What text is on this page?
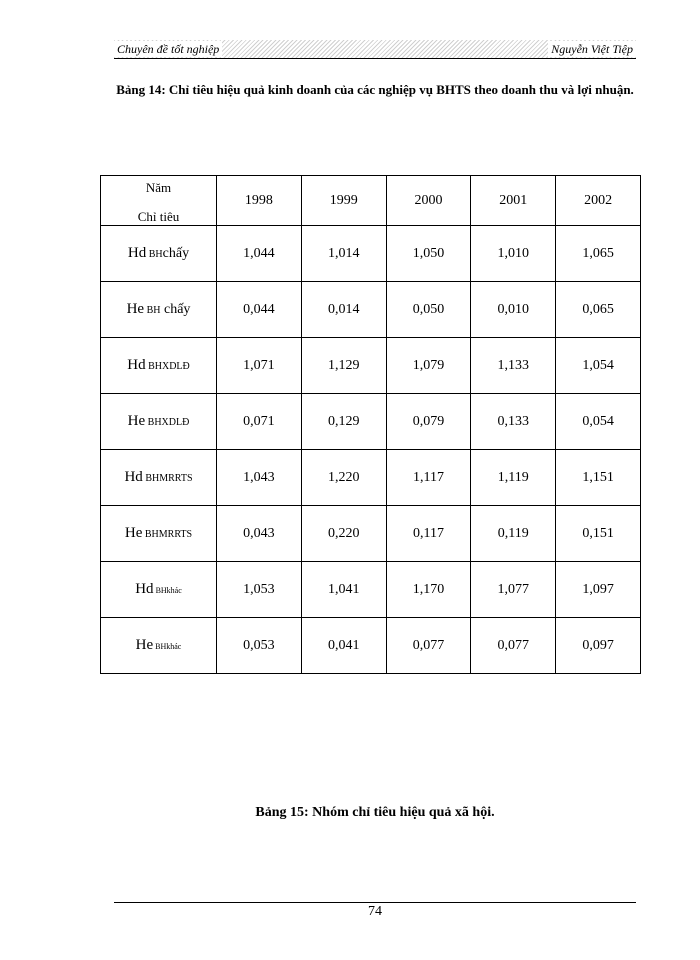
Chuyên đề tốt nghiệp	Nguyễn Việt Tiệp
Bảng 14: Chỉ tiêu hiệu quả kinh doanh của các nghiệp vụ BHTS theo doanh thu và lợi nhuận.
Năm
Chỉ tiêu	1998	1999	2000	2001	2002
Hd BHchấy	1,044	1,014	1,050	1,010	1,065
He BH chấy	0,044	0,014	0,050	0,010	0,065
Hd BHXDLĐ	1,071	1,129	1,079	1,133	1,054
He BHXDLĐ	0,071	0,129	0,079	0,133	0,054
Hd BHMRRTS	1,043	1,220	1,117	1,119	1,151
He BHMRRTS	0,043	0,220	0,117	0,119	0,151
Hd BHkhác	1,053	1,041	1,170	1,077	1,097
He BHkhác	0,053	0,041	0,077	0,077	0,097
Bảng 15: Nhóm chỉ tiêu hiệu quả xã hội.
74
